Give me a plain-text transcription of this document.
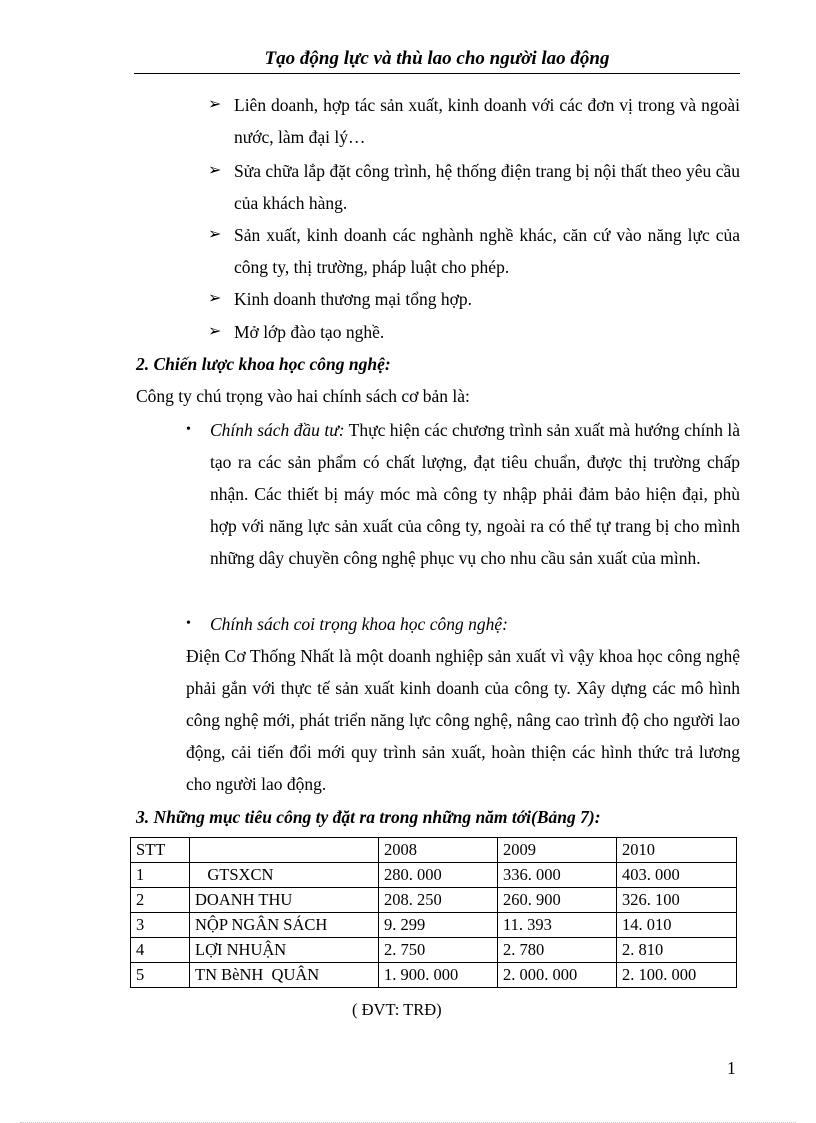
Tạo động lực và thù lao cho người lao động
➢ Liên doanh, hợp tác sản xuất, kinh doanh với các đơn vị trong và ngoài nước, làm đại lý…
➢ Sửa chữa lắp đặt công trình, hệ thống điện trang bị nội thất theo yêu cầu của khách hàng.
➢ Sản xuất, kinh doanh các nghành nghề khác, căn cứ vào năng lực của công ty, thị trường, pháp luật cho phép.
➢ Kinh doanh thương mại tổng hợp.
➢ Mở lớp đào tạo nghề.
2. Chiến lược khoa học công nghệ:
Công ty chú trọng vào hai chính sách cơ bản là:
• Chính sách đầu tư: Thực hiện các chương trình sản xuất mà hướng chính là tạo ra các sản phẩm có chất lượng, đạt tiêu chuẩn, được thị trường chấp nhận. Các thiết bị máy móc mà công ty nhập phải đảm bảo hiện đại, phù hợp với năng lực sản xuất của công ty, ngoài ra có thể tự trang bị cho mình những dây chuyền công nghệ phục vụ cho nhu cầu sản xuất của mình.
• Chính sách coi trọng khoa học công nghệ:
Điện Cơ Thống Nhất là một doanh nghiệp sản xuất vì vậy khoa học công nghệ phải gắn với thực tế sản xuất kinh doanh của công ty. Xây dựng các mô hình công nghệ mới, phát triển năng lực công nghệ, nâng cao trình độ cho người lao động, cải tiến đổi mới quy trình sản xuất, hoàn thiện các hình thức trả lương cho người lao động.
3. Những mục tiêu công ty đặt ra trong những năm tới(Bảng 7):
STT		2008	2009	2010
1	GTSXCN	280. 000	336. 000	403. 000
2	DOANH THU	208. 250	260. 900	326. 100
3	NỘP NGÂN SÁCH	9. 299	11. 393	14. 010
4	LỢI NHUẬN	2. 750	2. 780	2. 810
5	TN BèNH  QUÂN	1. 900. 000	2. 000. 000	2. 100. 000
( ĐVT: TRĐ)
1
